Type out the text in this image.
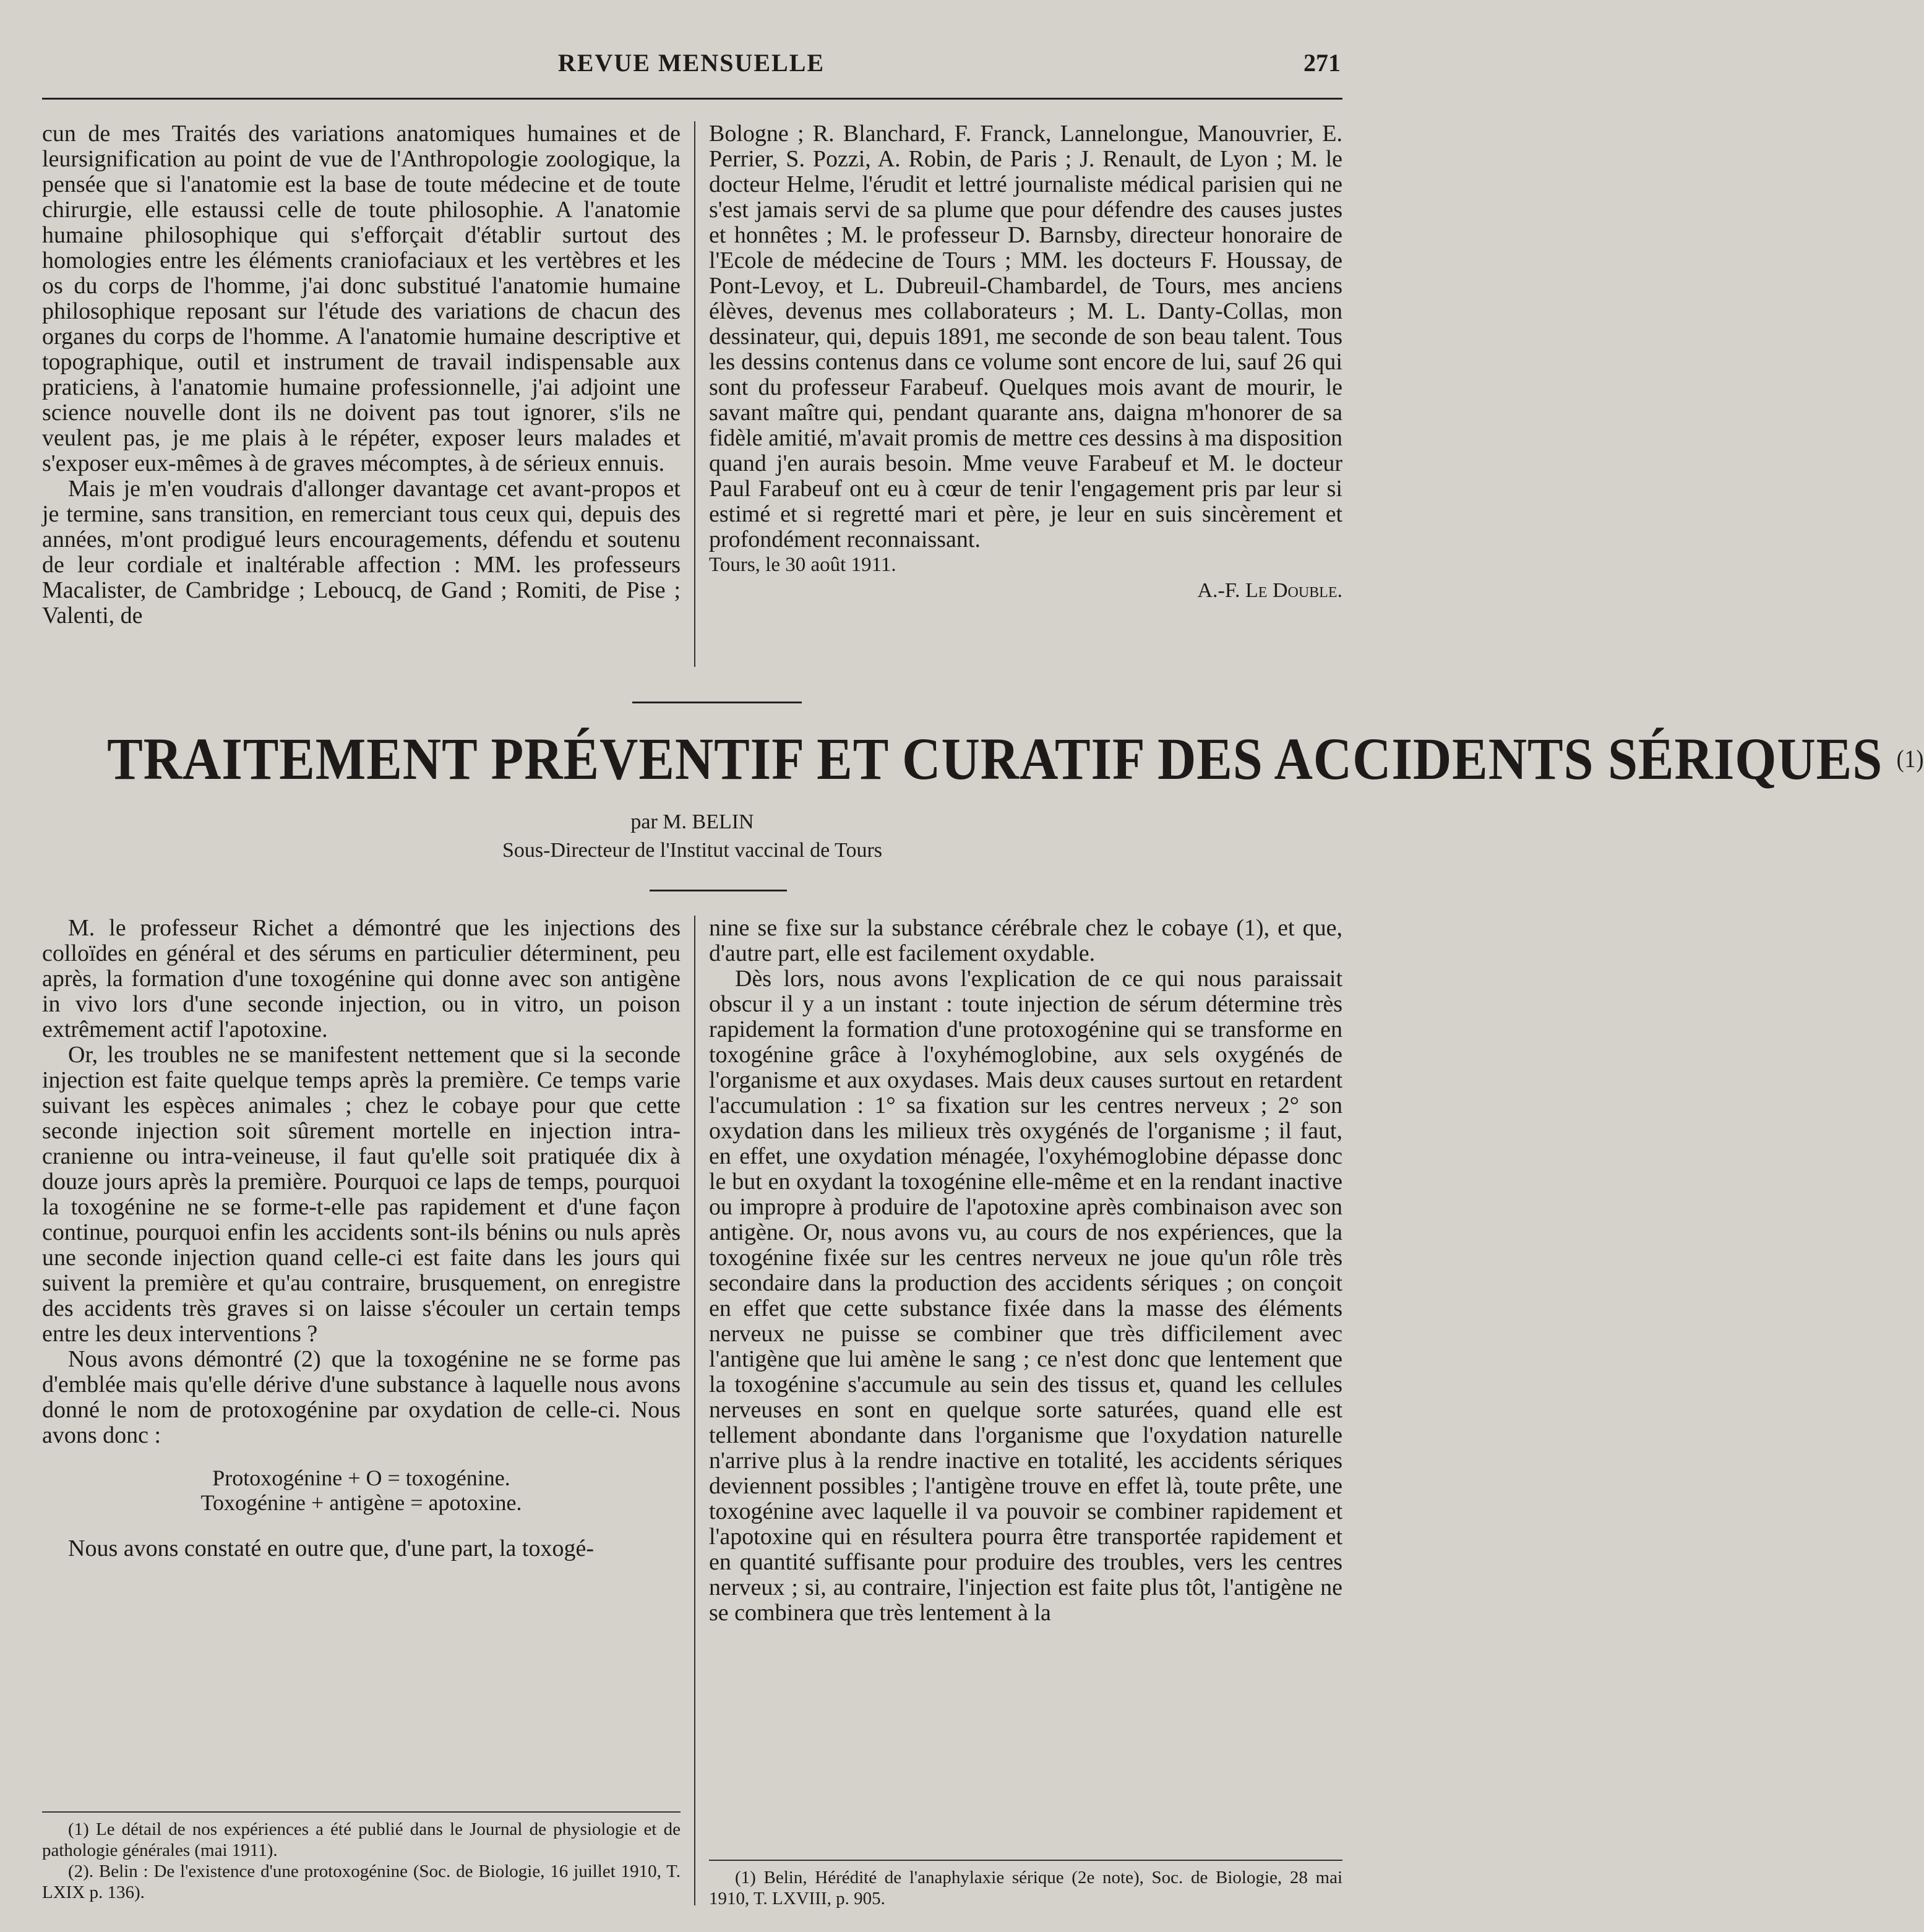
REVUE MENSUELLE	271

cun de mes Traités des variations anatomiques humaines et de leursignification au point de vue de l'Anthropologie zoologique, la pensée que si l'anatomie est la base de toute médecine et de toute chirurgie, elle estaussi celle de toute philosophie. A l'anatomie humaine philosophique qui s'efforçait d'établir surtout des homologies entre les éléments craniofaciaux et les vertèbres et les os du corps de l'homme, j'ai donc substitué l'anatomie humaine philosophique reposant sur l'étude des variations de chacun des organes du corps de l'homme. A l'anatomie humaine descriptive et topographique, outil et instrument de travail indispensable aux praticiens, à l'anatomie humaine professionnelle, j'ai adjoint une science nouvelle dont ils ne doivent pas tout ignorer, s'ils ne veulent pas, je me plais à le répéter, exposer leurs malades et s'exposer eux-mêmes à de graves mécomptes, à de sérieux ennuis.

Mais je m'en voudrais d'allonger davantage cet avant-propos et je termine, sans transition, en remerciant tous ceux qui, depuis des années, m'ont prodigué leurs encouragements, défendu et soutenu de leur cordiale et inaltérable affection : MM. les professeurs Macalister, de Cambridge ; Leboucq, de Gand ; Romiti, de Pise ; Valenti, de

Bologne ; R. Blanchard, F. Franck, Lannelongue, Manouvrier, E. Perrier, S. Pozzi, A. Robin, de Paris ; J. Renault, de Lyon ; M. le docteur Helme, l'érudit et lettré journaliste médical parisien qui ne s'est jamais servi de sa plume que pour défendre des causes justes et honnêtes ; M. le professeur D. Barnsby, directeur honoraire de l'Ecole de médecine de Tours ; MM. les docteurs F. Houssay, de Pont-Levoy, et L. Dubreuil-Chambardel, de Tours, mes anciens élèves, devenus mes collaborateurs ; M. L. Danty-Collas, mon dessinateur, qui, depuis 1891, me seconde de son beau talent. Tous les dessins contenus dans ce volume sont encore de lui, sauf 26 qui sont du professeur Farabeuf. Quelques mois avant de mourir, le savant maître qui, pendant quarante ans, daigna m'honorer de sa fidèle amitié, m'avait promis de mettre ces dessins à ma disposition quand j'en aurais besoin. Mme veuve Farabeuf et M. le docteur Paul Farabeuf ont eu à cœur de tenir l'engagement pris par leur si estimé et si regretté mari et père, je leur en suis sincèrement et profondément reconnaissant.

Tours, le 30 août 1911.

A.-F. Le Double.

TRAITEMENT PRÉVENTIF ET CURATIF DES ACCIDENTS SÉRIQUES $^{(1)}$
par M. BELIN
Sous-Directeur de l'Institut vaccinal de Tours

M. le professeur Richet a démontré que les injections des colloïdes en général et des sérums en particulier déterminent, peu après, la formation d'une toxogénine qui donne avec son antigène in vivo lors d'une seconde injection, ou in vitro, un poison extrêmement actif l'apotoxine.

Or, les troubles ne se manifestent nettement que si la seconde injection est faite quelque temps après la première. Ce temps varie suivant les espèces animales ; chez le cobaye pour que cette seconde injection soit sûrement mortelle en injection intra-cranienne ou intra-veineuse, il faut qu'elle soit pratiquée dix à douze jours après la première. Pourquoi ce laps de temps, pourquoi la toxogénine ne se forme-t-elle pas rapidement et d'une façon continue, pourquoi enfin les accidents sont-ils bénins ou nuls après une seconde injection quand celle-ci est faite dans les jours qui suivent la première et qu'au contraire, brusquement, on enregistre des accidents très graves si on laisse s'écouler un certain temps entre les deux interventions ?

Nous avons démontré (2) que la toxogénine ne se forme pas d'emblée mais qu'elle dérive d'une substance à laquelle nous avons donné le nom de protoxogénine par oxydation de celle-ci. Nous avons donc :

Protoxogénine + O = toxogénine.
Toxogénine + antigène = apotoxine.

Nous avons constaté en outre que, d'une part, la toxogé-

nine se fixe sur la substance cérébrale chez le cobaye (1), et que, d'autre part, elle est facilement oxydable.

Dès lors, nous avons l'explication de ce qui nous paraissait obscur il y a un instant : toute injection de sérum détermine très rapidement la formation d'une protoxogénine qui se transforme en toxogénine grâce à l'oxyhémoglobine, aux sels oxygénés de l'organisme et aux oxydases. Mais deux causes surtout en retardent l'accumulation : 1° sa fixation sur les centres nerveux ; 2° son oxydation dans les milieux très oxygénés de l'organisme ; il faut, en effet, une oxydation ménagée, l'oxyhémoglobine dépasse donc le but en oxydant la toxogénine elle-même et en la rendant inactive ou impropre à produire de l'apotoxine après combinaison avec son antigène. Or, nous avons vu, au cours de nos expériences, que la toxogénine fixée sur les centres nerveux ne joue qu'un rôle très secondaire dans la production des accidents sériques ; on conçoit en effet que cette substance fixée dans la masse des éléments nerveux ne puisse se combiner que très difficilement avec l'antigène que lui amène le sang ; ce n'est donc que lentement que la toxogénine s'accumule au sein des tissus et, quand les cellules nerveuses en sont en quelque sorte saturées, quand elle est tellement abondante dans l'organisme que l'oxydation naturelle n'arrive plus à la rendre inactive en totalité, les accidents sériques deviennent possibles ; l'antigène trouve en effet là, toute prête, une toxogénine avec laquelle il va pouvoir se combiner rapidement et l'apotoxine qui en résultera pourra être transportée rapidement et en quantité suffisante pour produire des troubles, vers les centres nerveux ; si, au contraire, l'injection est faite plus tôt, l'antigène ne se combinera que très lentement à la

(1) Le détail de nos expériences a été publié dans le Journal de physiologie et de pathologie générales (mai 1911).

(2). Belin : De l'existence d'une protoxogénine (Soc. de Biologie, 16 juillet 1910, T. LXIX p. 136).

(1) Belin, Hérédité de l'anaphylaxie sérique (2e note), Soc. de Biologie, 28 mai 1910, T. LXVIII, p. 905.
